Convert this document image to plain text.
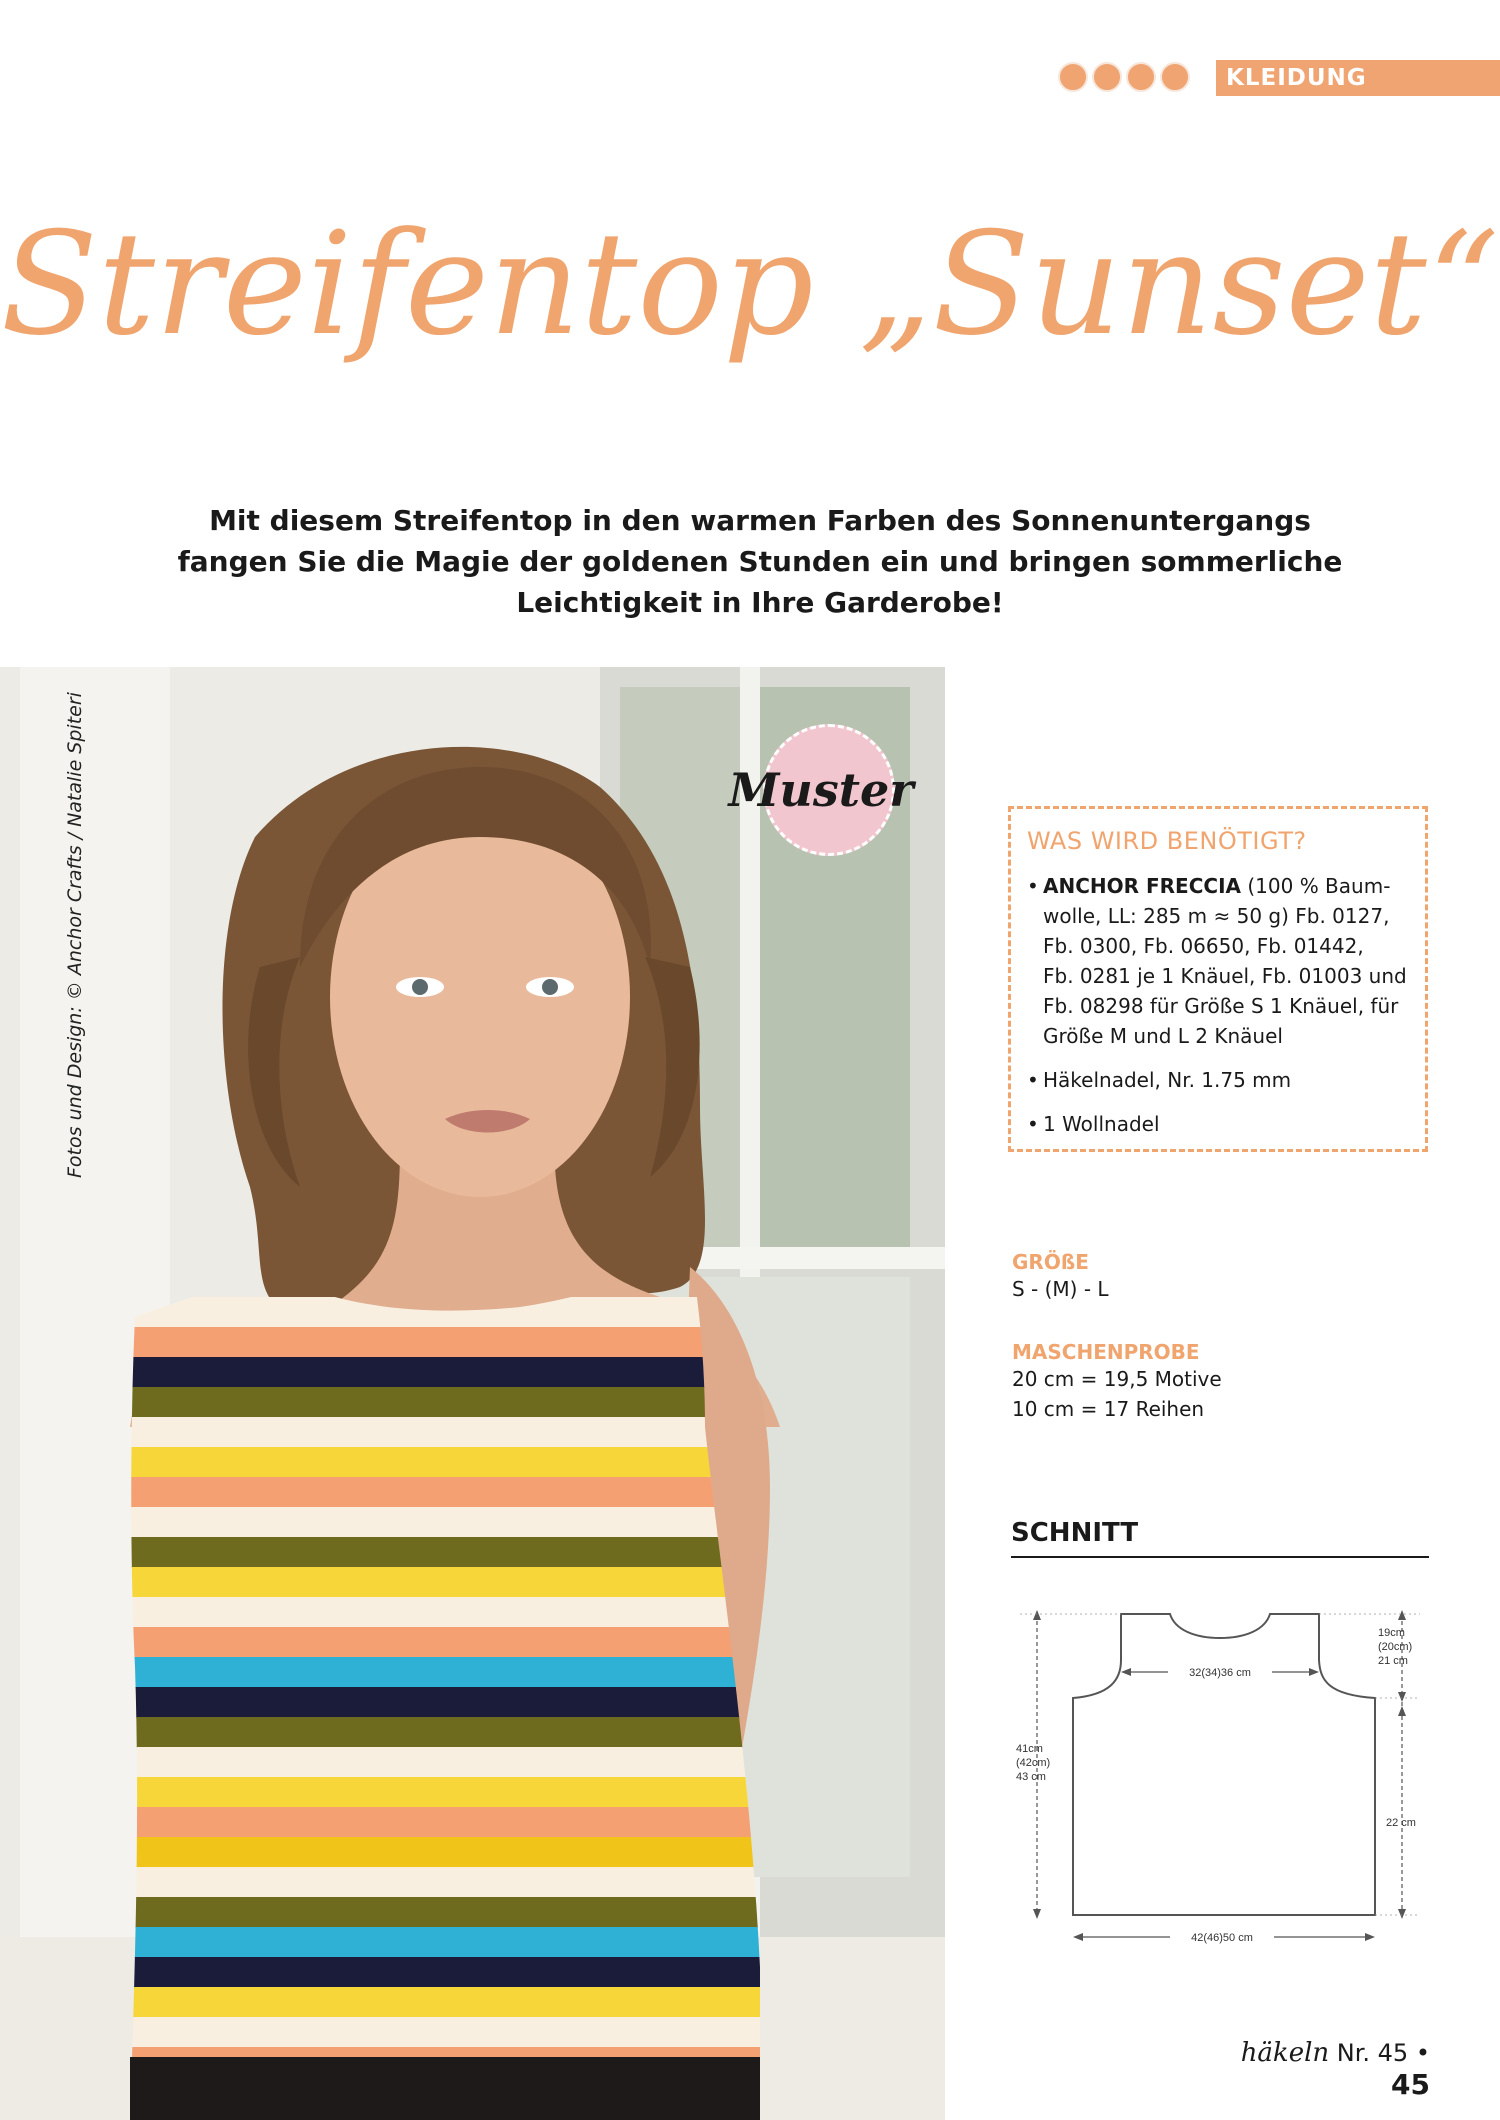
KLEIDUNG
Streifentop „Sunset“
Mit diesem Streifentop in den warmen Farben des Sonnenuntergangs
fangen Sie die Magie der goldenen Stunden ein und bringen sommerliche
Leichtigkeit in Ihre Garderobe!
Muster
WAS WIRD BENÖTIGT?
• ANCHOR FRECCIA (100 % Baum-
wolle, LL: 285 m ≈ 50 g) Fb. 0127,
Fb. 0300, Fb. 06650, Fb. 01442,
Fb. 0281 je 1 Knäuel, Fb. 01003 und
Fb. 08298 für Größe S 1 Knäuel, für
Größe M und L 2 Knäuel
• Häkelnadel, Nr. 1.75 mm
• 1 Wollnadel
GRÖßE
S - (M) - L
MASCHENPROBE
20 cm = 19,5 Motive
10 cm = 17 Reihen
SCHNITT
41cm
(42cm)
43 cm
32(34)36 cm
19cm
(20cm)
21 cm
22 cm
42(46)50 cm
häkeln Nr. 45 • 45
